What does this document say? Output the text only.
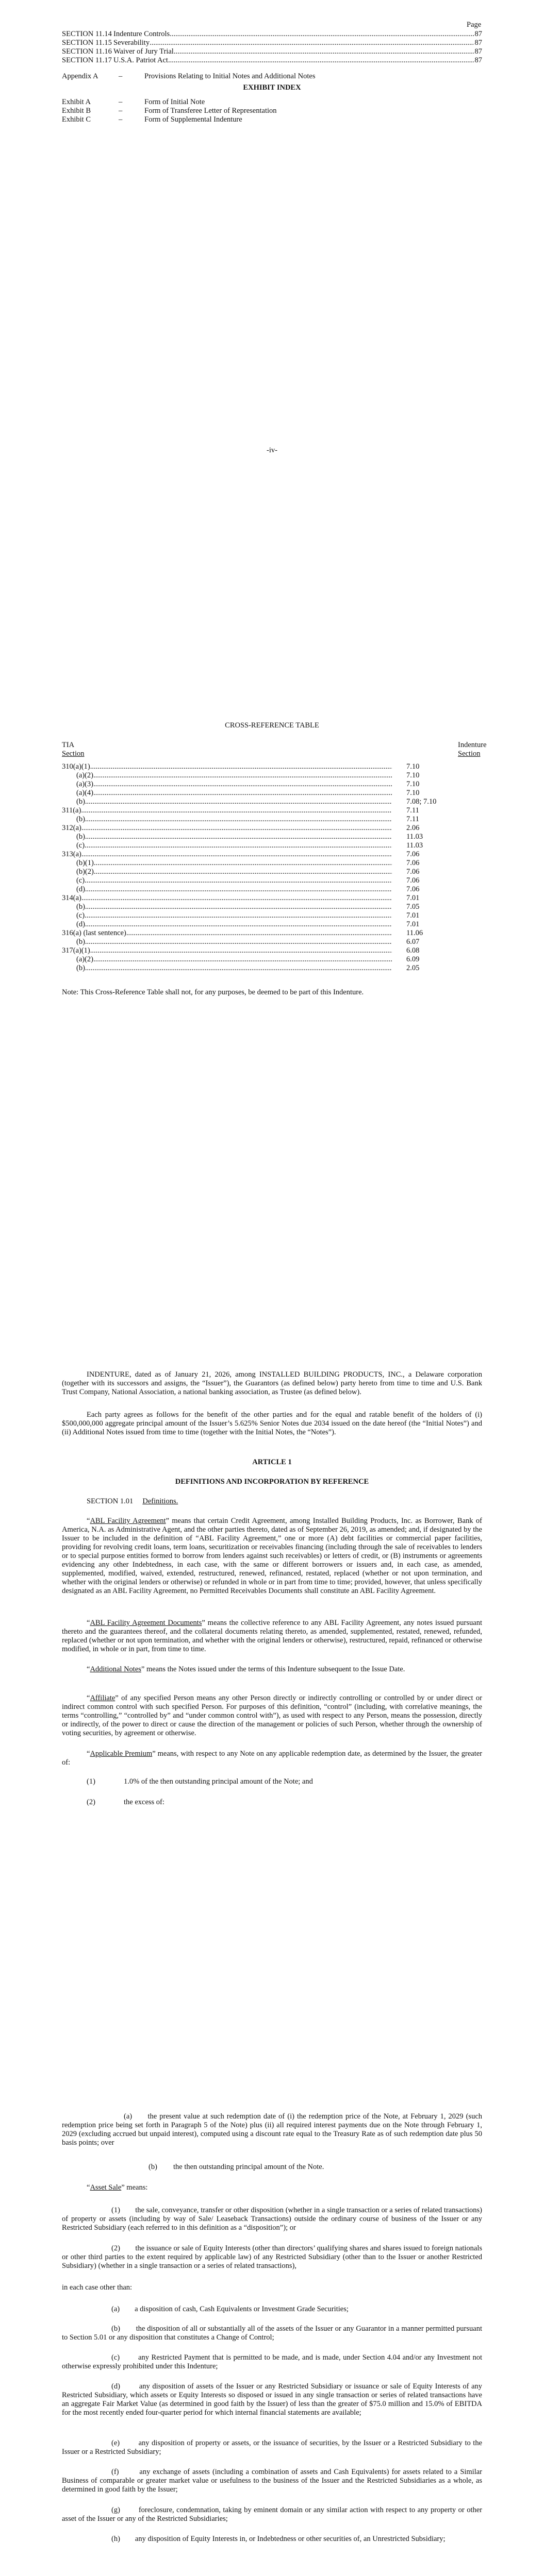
Page
SECTION 11.14 Indenture Controls .....	87
SECTION 11.15 Severability .....	87
SECTION 11.16 Waiver of Jury Trial .....	87
SECTION 11.17 U.S.A. Patriot Act .....	87
Appendix A	–	Provisions Relating to Initial Notes and Additional Notes
EXHIBIT INDEX
Exhibit A	–	Form of Initial Note
Exhibit B	–	Form of Transferee Letter of Representation
Exhibit C	–	Form of Supplemental Indenture
-iv-
CROSS-REFERENCE TABLE
TIA
Section
Indenture
Section
310(a)(1) .....	7.10
(a)(2) .....	7.10
(a)(3) .....	7.10
(a)(4) .....	7.10
(b) .....	7.08; 7.10
311(a) .....	7.11
(b) .....	7.11
312(a) .....	2.06
(b) .....	11.03
(c) .....	11.03
313(a) .....	7.06
(b)(1) .....	7.06
(b)(2) .....	7.06
(c) .....	7.06
(d) .....	7.06
314(a) .....	7.01
(b) .....	7.05
(c) .....	7.01
(d) .....	7.01
316(a) (last sentence) .....	11.06
(b) .....	6.07
317(a)(1) .....	6.08
(a)(2) .....	6.09
(b) .....	2.05
Note: This Cross-Reference Table shall not, for any purposes, be deemed to be part of this Indenture.
INDENTURE, dated as of January 21, 2026, among INSTALLED BUILDING PRODUCTS, INC., a Delaware corporation (together with its successors and assigns, the “Issuer”), the Guarantors (as defined below) party hereto from time to time and U.S. Bank Trust Company, National Association, a national banking association, as Trustee (as defined below).
Each party agrees as follows for the benefit of the other parties and for the equal and ratable benefit of the holders of (i) $500,000,000 aggregate principal amount of the Issuer’s 5.625% Senior Notes due 2034 issued on the date hereof (the “Initial Notes”) and (ii) Additional Notes issued from time to time (together with the Initial Notes, the “Notes”).
ARTICLE 1
DEFINITIONS AND INCORPORATION BY REFERENCE
SECTION 1.01 Definitions.
“ABL Facility Agreement” means that certain Credit Agreement, among Installed Building Products, Inc. as Borrower, Bank of America, N.A. as Administrative Agent, and the other parties thereto, dated as of September 26, 2019, as amended; and, if designated by the Issuer to be included in the definition of “ABL Facility Agreement,” one or more (A) debt facilities or commercial paper facilities, providing for revolving credit loans, term loans, securitization or receivables financing (including through the sale of receivables to lenders or to special purpose entities formed to borrow from lenders against such receivables) or letters of credit, or (B) instruments or agreements evidencing any other Indebtedness, in each case, with the same or different borrowers or issuers and, in each case, as amended, supplemented, modified, waived, extended, restructured, renewed, refinanced, restated, replaced (whether or not upon termination, and whether with the original lenders or otherwise) or refunded in whole or in part from time to time; provided, however, that unless specifically designated as an ABL Facility Agreement, no Permitted Receivables Documents shall constitute an ABL Facility Agreement.
“ABL Facility Agreement Documents” means the collective reference to any ABL Facility Agreement, any notes issued pursuant thereto and the guarantees thereof, and the collateral documents relating thereto, as amended, supplemented, restated, renewed, refunded, replaced (whether or not upon termination, and whether with the original lenders or otherwise), restructured, repaid, refinanced or otherwise modified, in whole or in part, from time to time.
“Additional Notes” means the Notes issued under the terms of this Indenture subsequent to the Issue Date.
“Affiliate” of any specified Person means any other Person directly or indirectly controlling or controlled by or under direct or indirect common control with such specified Person. For purposes of this definition, “control” (including, with correlative meanings, the terms “controlling,” “controlled by” and “under common control with”), as used with respect to any Person, means the possession, directly or indirectly, of the power to direct or cause the direction of the management or policies of such Person, whether through the ownership of voting securities, by agreement or otherwise.
“Applicable Premium” means, with respect to any Note on any applicable redemption date, as determined by the Issuer, the greater of:
(1)	1.0% of the then outstanding principal amount of the Note; and
(2)	the excess of:
(a) the present value at such redemption date of (i) the redemption price of the Note, at February 1, 2029 (such redemption price being set forth in Paragraph 5 of the Note) plus (ii) all required interest payments due on the Note through February 1, 2029 (excluding accrued but unpaid interest), computed using a discount rate equal to the Treasury Rate as of such redemption date plus 50 basis points; over
(b)	the then outstanding principal amount of the Note.
“Asset Sale” means:
(1) the sale, conveyance, transfer or other disposition (whether in a single transaction or a series of related transactions) of property or assets (including by way of Sale/ Leaseback Transactions) outside the ordinary course of business of the Issuer or any Restricted Subsidiary (each referred to in this definition as a “disposition”); or
(2) the issuance or sale of Equity Interests (other than directors’ qualifying shares and shares issued to foreign nationals or other third parties to the extent required by applicable law) of any Restricted Subsidiary (other than to the Issuer or another Restricted Subsidiary) (whether in a single transaction or a series of related transactions),
in each case other than:
(a) a disposition of cash, Cash Equivalents or Investment Grade Securities;
(b) the disposition of all or substantially all of the assets of the Issuer or any Guarantor in a manner permitted pursuant to Section 5.01 or any disposition that constitutes a Change of Control;
(c) any Restricted Payment that is permitted to be made, and is made, under Section 4.04 and/or any Investment not otherwise expressly prohibited under this Indenture;
(d)	any disposition of assets of the Issuer or any Restricted Subsidiary or issuance or sale of Equity Interests of any Restricted Subsidiary, which assets or Equity Interests so disposed or issued in any single transaction or series of related transactions have an aggregate Fair Market Value (as determined in good faith by the Issuer) of less than the greater of $75.0 million and 15.0% of EBITDA for the most recently ended four-quarter period for which internal financial statements are available;
(e)	any disposition of property or assets, or the issuance of securities, by the Issuer or a Restricted Subsidiary to the Issuer or a Restricted Subsidiary;
(f)	any exchange of assets (including a combination of assets and Cash Equivalents) for assets related to a Similar Business of comparable or greater market value or usefulness to the business of the Issuer and the Restricted Subsidiaries as a whole, as determined in good faith by the Issuer;
(g) foreclosure, condemnation, taking by eminent domain or any similar action with respect to any property or other asset of the Issuer or any of the Restricted Subsidiaries;
(h) any disposition of Equity Interests in, or Indebtedness or other securities of, an Unrestricted Subsidiary;
